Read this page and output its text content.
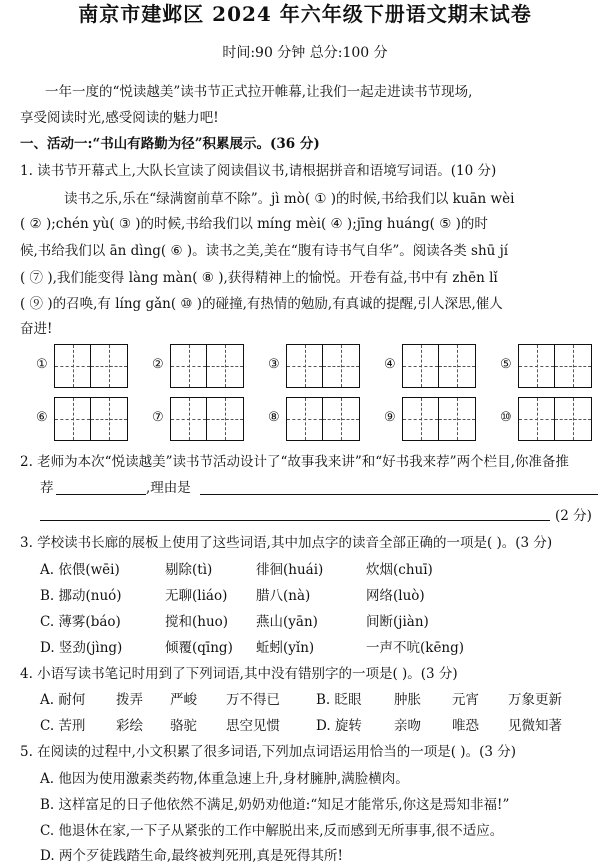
南京市建邺区 2024 年六年级下册语文期末试卷
时间:90 分钟 总分:100 分
一年一度的“悦读越美”读书节正式拉开帷幕,让我们一起走进读书节现场,
享受阅读时光,感受阅读的魅力吧!
一、活动一:“书山有路勤为径”积累展示。(36 分)
1. 读书节开幕式上,大队长宣读了阅读倡议书,请根据拼音和语境写词语。(10 分)
读书之乐,乐在“绿满窗前草不除”。jì mò( ① )的时候,书给我们以 kuān wèi
( ② );chén yù( ③ )的时候,书给我们以 míng mèi( ④ );jīng huáng( ⑤ )的时
候,书给我们以 ān dìng( ⑥ )。读书之美,美在“腹有诗书气自华”。阅读各类 shū jí
( ⑦ ),我们能变得 làng màn( ⑧ ),获得精神上的愉悦。开卷有益,书中有 zhēn lǐ
( ⑨ )的召唤,有 líng gǎn( ⑩ )的碰撞,有热情的勉励,有真诚的提醒,引人深思,催人
奋进!
①	②	③	④	⑤
⑥	⑦	⑧	⑨	⑩
2. 老师为本次“悦读越美”读书节活动设计了“故事我来讲”和“好书我来荐”两个栏目,你准备推
荐	,理由是
(2 分)
3. 学校读书长廊的展板上使用了这些词语,其中加点字的读音全部正确的一项是( )。(3 分)
A. 依偎(wēi)	剔除(tì)	徘徊(huái)	炊烟(chuī)
B. 挪动(nuó)	无聊(liáo) 腊八(nà)	网络(luò)
C. 薄雾(báo)	搅和(huo) 燕山(yān)	间断(jiàn)
D. 竖劲(jìng)	倾覆(qīng) 蚯蚓(yǐn)	一声不吭(kēng)
4. 小语写读书笔记时用到了下列词语,其中没有错别字的一项是( )。(3 分)
A. 耐何 拨弄 严峻 万不得已	B. 眨眼 肿胀 元宵 万象更新
C. 苦刑 彩绘 骆驼 思空见惯	D. 旋转 亲吻 唯恐 见微知著
5. 在阅读的过程中,小文积累了很多词语,下列加点词语运用恰当的一项是( )。(3 分)
A. 他因为使用激素类药物,体重急速上升,身材臃肿,满脸横肉。
B. 这样富足的日子他依然不满足,奶奶劝他道:“知足才能常乐,你这是焉知非福!”
C. 他退休在家,一下子从紧张的工作中解脱出来,反而感到无所事事,很不适应。
D. 两个歹徒践踏生命,最终被判死刑,真是死得其所!
